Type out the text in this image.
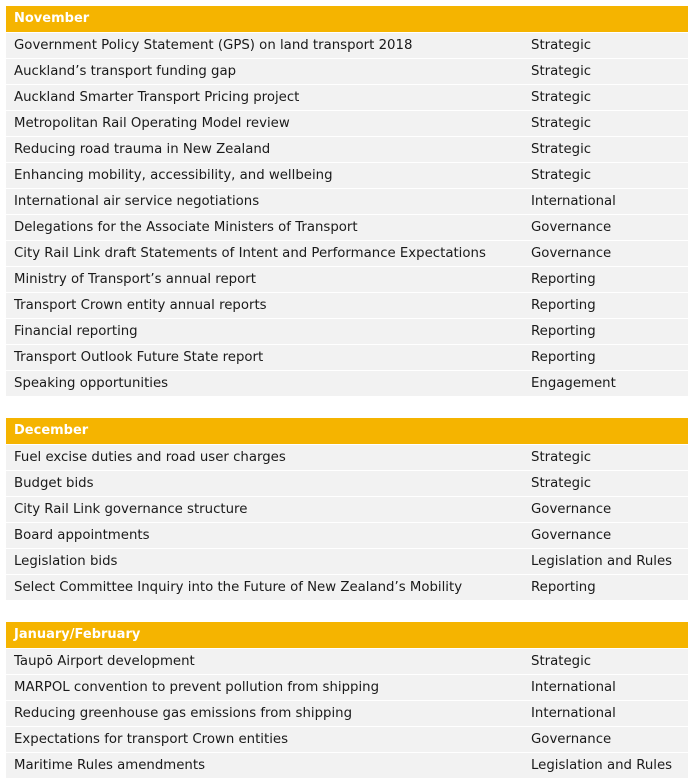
November
Government Policy Statement (GPS) on land transport 2018	Strategic
Auckland’s transport funding gap	Strategic
Auckland Smarter Transport Pricing project	Strategic
Metropolitan Rail Operating Model review	Strategic
Reducing road trauma in New Zealand	Strategic
Enhancing mobility, accessibility, and wellbeing	Strategic
International air service negotiations	International
Delegations for the Associate Ministers of Transport	Governance
City Rail Link draft Statements of Intent and Performance Expectations	Governance
Ministry of Transport’s annual report	Reporting
Transport Crown entity annual reports	Reporting
Financial reporting	Reporting
Transport Outlook Future State report	Reporting
Speaking opportunities	Engagement
December
Fuel excise duties and road user charges	Strategic
Budget bids	Strategic
City Rail Link governance structure	Governance
Board appointments	Governance
Legislation bids	Legislation and Rules
Select Committee Inquiry into the Future of New Zealand’s Mobility	Reporting
January/February
Taupō Airport development	Strategic
MARPOL convention to prevent pollution from shipping	International
Reducing greenhouse gas emissions from shipping	International
Expectations for transport Crown entities	Governance
Maritime Rules amendments	Legislation and Rules
